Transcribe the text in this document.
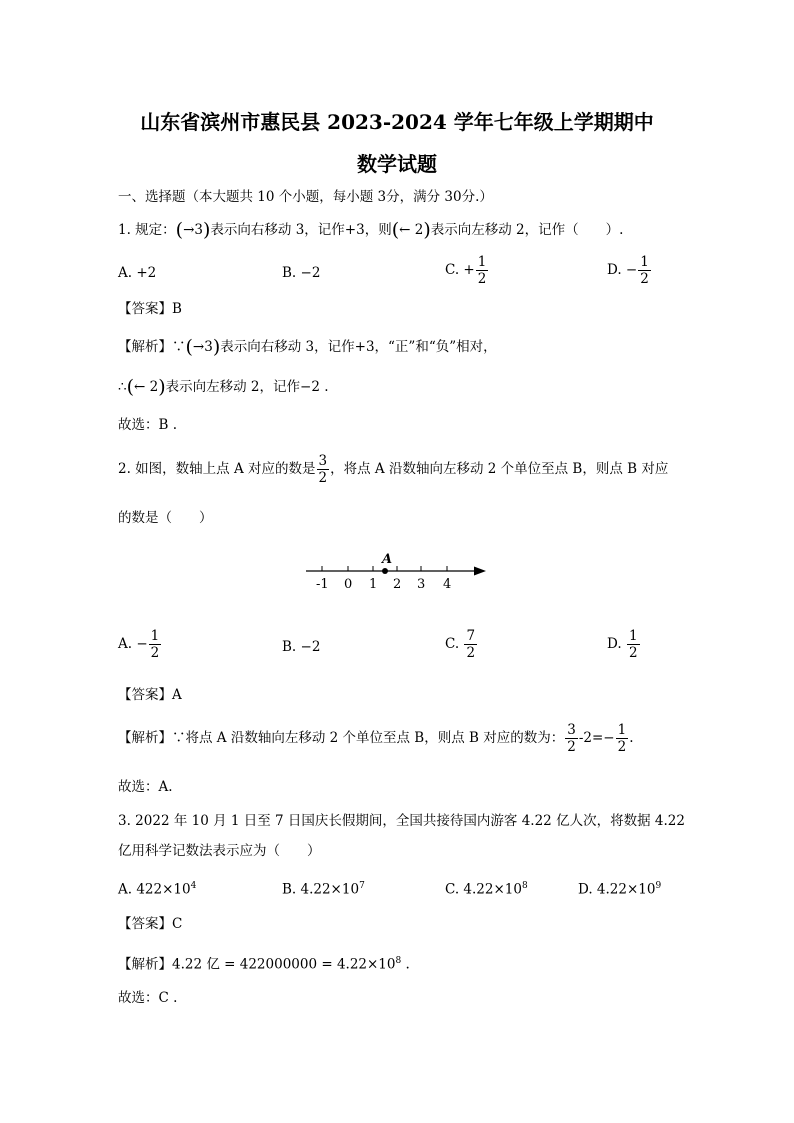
山东省滨州市惠民县 2023-2024 学年七年级上学期期中
数学试题
一、选择题（本大题共 10 个小题，每小题 3分，满分 30分.）
1. 规定：(→3)表示向右移动 3，记作+3，则(← 2)表示向左移动 2，记作（　　）.
A. +2	B. −2	C. + $\frac{1}{2}$	D. − $\frac{1}{2}$
【答案】B
【解析】∵(→3)表示向右移动 3，记作+3，“正”和“负”相对，
∴(← 2)表示向左移动 2，记作−2 .
故选：B .
2. 如图，数轴上点 A 对应的数是 $\frac{3}{2}$ ，将点 A 沿数轴向左移动 2 个单位至点 B，则点 B 对应
的数是（　　）
A
-1 0 1 2 3 4
A. − $\frac{1}{2}$	B. −2	C. $\frac{7}{2}$	D. $\frac{1}{2}$
【答案】A
【解析】∵将点 A 沿数轴向左移动 2 个单位至点 B，则点 B 对应的数为： $\frac{3}{2} -2=- \frac{1}{2}$ .
故选：A.
3. 2022 年 10 月 1 日至 7 日国庆长假期间，全国共接待国内游客 4.22 亿人次，将数据 4.22
亿用科学记数法表示应为（　　）
A. $422\times 10^4$	B. $4.22\times 10^7$	C. $4.22\times 10^8$	D. $4.22\times 10^9$
【答案】C
【解析】4.22 亿 = $422000000 = 4.22\times 10^8$ .
故选：C .
